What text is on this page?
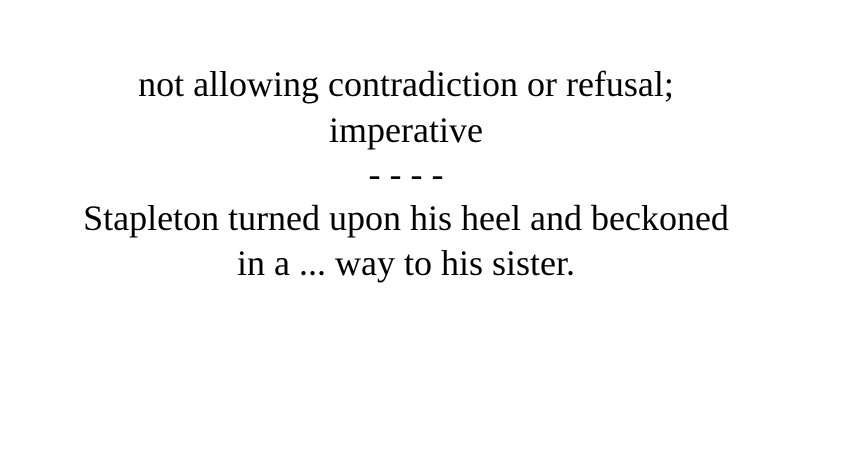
not allowing contradiction or refusal;
imperative
- - - -
Stapleton turned upon his heel and beckoned
in a ... way to his sister.
